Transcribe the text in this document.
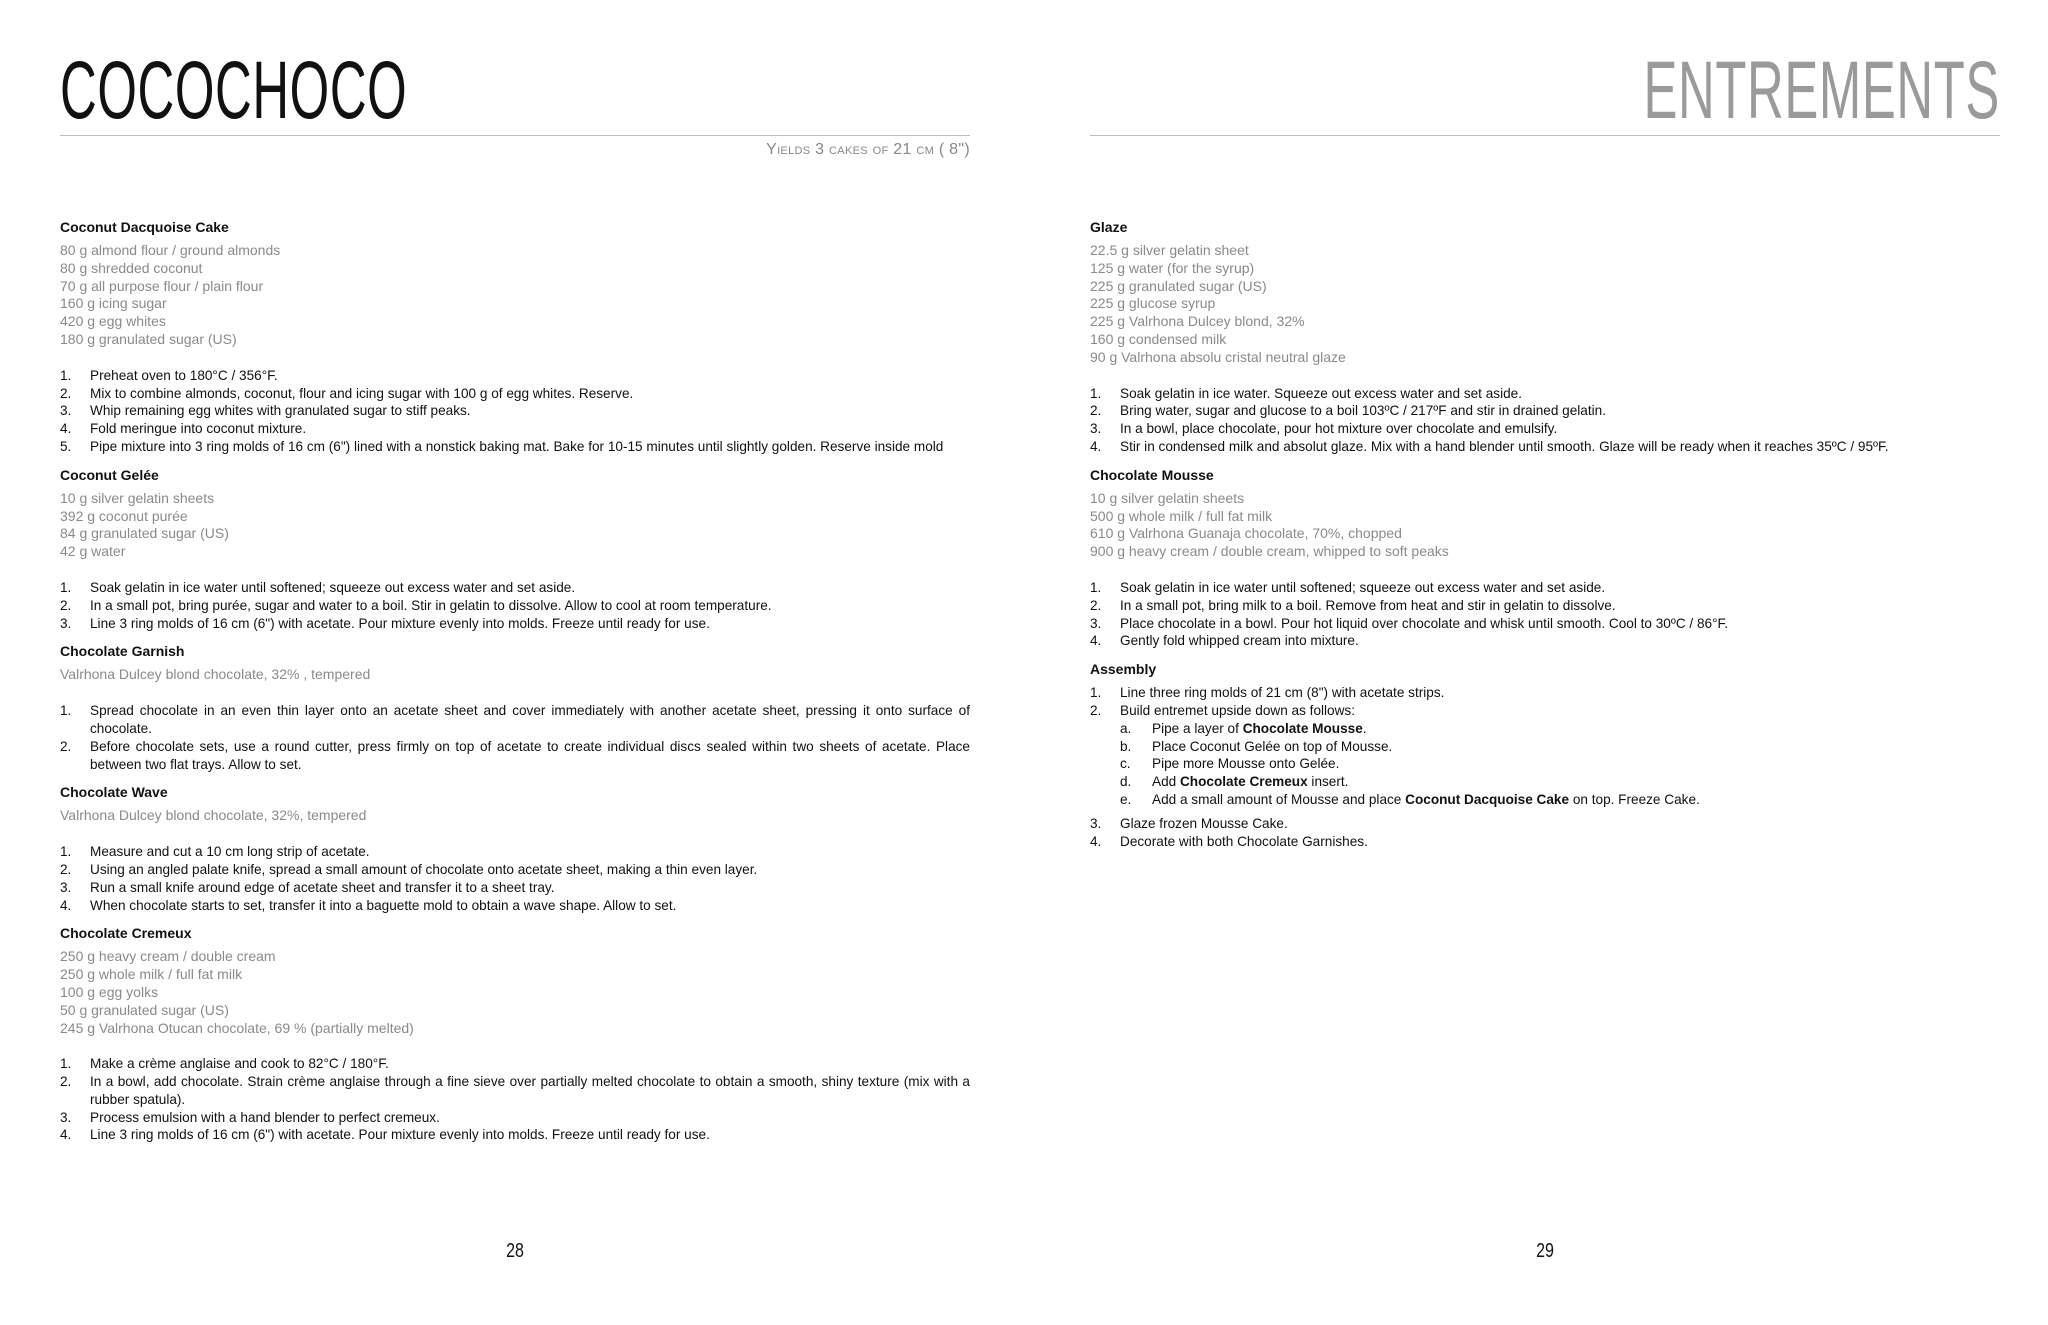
COCOCHOCO
Yields 3 cakes of 21 cm ( 8")
Coconut Dacquoise Cake
80 g almond flour / ground almonds
80 g shredded coconut
70 g all purpose flour / plain flour
160 g icing sugar
420 g egg whites
180 g granulated sugar (US)
1. Preheat oven to 180°C / 356°F.
2. Mix to combine almonds, coconut, flour and icing sugar with 100 g of egg whites. Reserve.
3. Whip remaining egg whites with granulated sugar to stiff peaks.
4. Fold meringue into coconut mixture.
5. Pipe mixture into 3 ring molds of 16 cm (6") lined with a nonstick baking mat. Bake for 10-15 minutes until slightly golden. Reserve inside mold
Coconut Gelée
10 g silver gelatin sheets
392 g coconut purée
84 g granulated sugar (US)
42 g water
1. Soak gelatin in ice water until softened; squeeze out excess water and set aside.
2. In a small pot, bring purée, sugar and water to a boil. Stir in gelatin to dissolve. Allow to cool at room temperature.
3. Line 3 ring molds of 16 cm (6") with acetate. Pour mixture evenly into molds. Freeze until ready for use.
Chocolate Garnish
Valrhona Dulcey blond chocolate, 32% , tempered
1. Spread chocolate in an even thin layer onto an acetate sheet and cover immediately with another acetate sheet, pressing it onto surface of chocolate.
2. Before chocolate sets, use a round cutter, press firmly on top of acetate to create individual discs sealed within two sheets of acetate. Place between two flat trays. Allow to set.
Chocolate Wave
Valrhona Dulcey blond chocolate, 32%, tempered
1. Measure and cut a 10 cm long strip of acetate.
2. Using an angled palate knife, spread a small amount of chocolate onto acetate sheet, making a thin even layer.
3. Run a small knife around edge of acetate sheet and transfer it to a sheet tray.
4. When chocolate starts to set, transfer it into a baguette mold to obtain a wave shape. Allow to set.
Chocolate Cremeux
250 g heavy cream / double cream
250 g whole milk / full fat milk
100 g egg yolks
50 g granulated sugar (US)
245 g Valrhona Otucan chocolate, 69 % (partially melted)
1. Make a crème anglaise and cook to 82°C / 180°F.
2. In a bowl, add chocolate. Strain crème anglaise through a fine sieve over partially melted chocolate to obtain a smooth, shiny texture (mix with a rubber spatula).
3. Process emulsion with a hand blender to perfect cremeux.
4. Line 3 ring molds of 16 cm (6") with acetate. Pour mixture evenly into molds. Freeze until ready for use.
28
ENTREMENTS
Glaze
22.5 g silver gelatin sheet
125 g water (for the syrup)
225 g granulated sugar (US)
225 g glucose syrup
225 g Valrhona Dulcey blond, 32%
160 g condensed milk
90 g Valrhona absolu cristal neutral glaze
1. Soak gelatin in ice water. Squeeze out excess water and set aside.
2. Bring water, sugar and glucose to a boil 103ºC / 217ºF and stir in drained gelatin.
3. In a bowl, place chocolate, pour hot mixture over chocolate and emulsify.
4. Stir in condensed milk and absolut glaze. Mix with a hand blender until smooth. Glaze will be ready when it reaches 35ºC / 95ºF.
Chocolate Mousse
10 g silver gelatin sheets
500 g whole milk / full fat milk
610 g Valrhona Guanaja chocolate, 70%, chopped
900 g heavy cream / double cream, whipped to soft peaks
1. Soak gelatin in ice water until softened; squeeze out excess water and set aside.
2. In a small pot, bring milk to a boil. Remove from heat and stir in gelatin to dissolve.
3. Place chocolate in a bowl. Pour hot liquid over chocolate and whisk until smooth. Cool to 30ºC / 86°F.
4. Gently fold whipped cream into mixture.
Assembly
1. Line three ring molds of 21 cm (8") with acetate strips.
2. Build entremet upside down as follows:
a. Pipe a layer of Chocolate Mousse.
b. Place Coconut Gelée on top of Mousse.
c. Pipe more Mousse onto Gelée.
d. Add Chocolate Cremeux insert.
e. Add a small amount of Mousse and place Coconut Dacquoise Cake on top. Freeze Cake.
3. Glaze frozen Mousse Cake.
4. Decorate with both Chocolate Garnishes.
29
